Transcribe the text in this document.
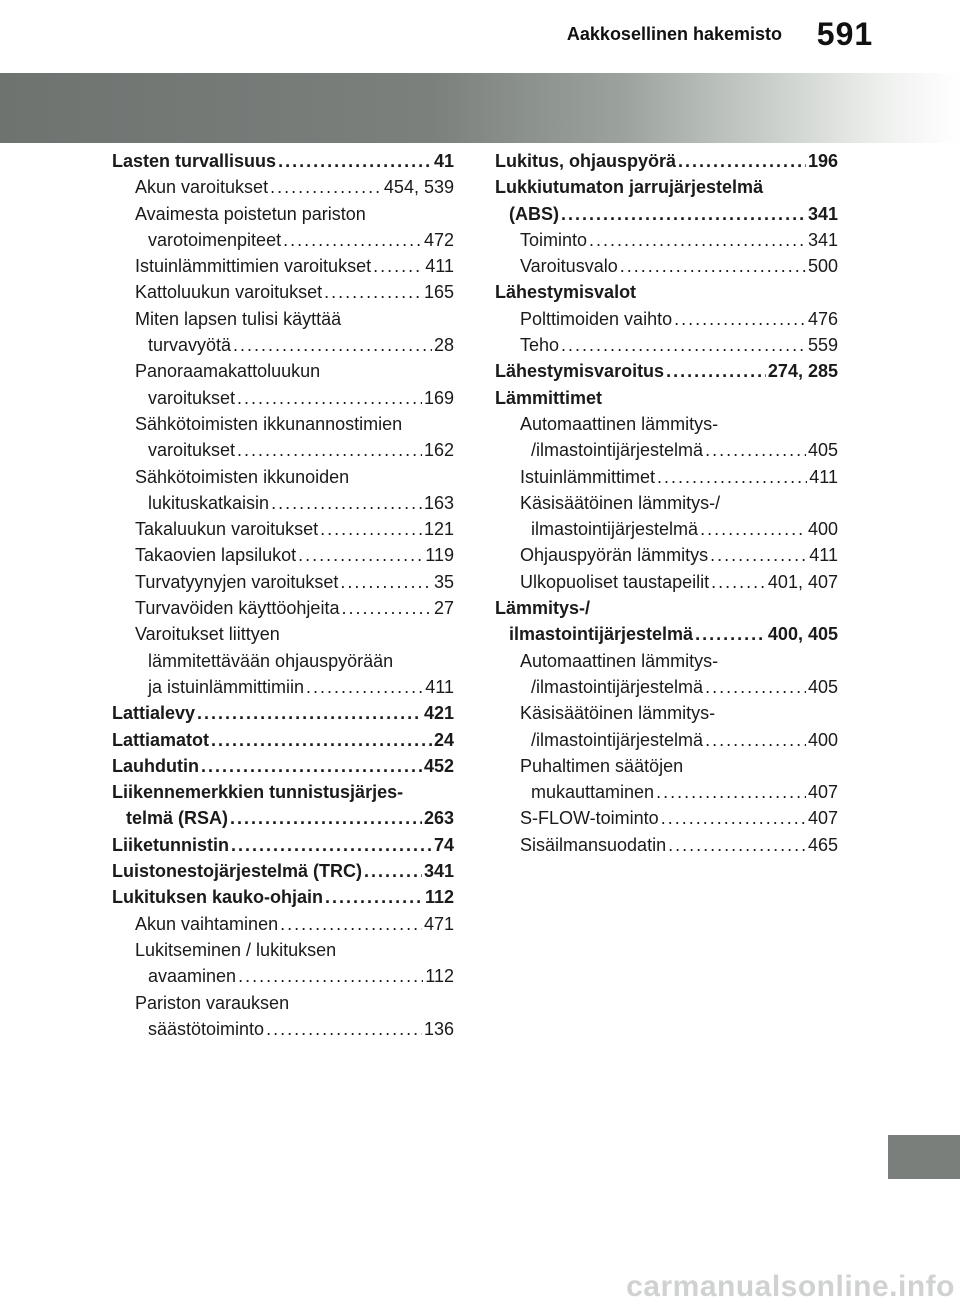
Aakkosellinen hakemisto	591
Lasten turvallisuus . . .	41
Akun varoitukset . . .	454, 539
Avaimesta poistetun pariston
varotoimenpiteet . . .	472
Istuinlämmittimien varoitukset . . .	411
Kattoluukun varoitukset . . .	165
Miten lapsen tulisi käyttää
turvavyötä . . .	28
Panoraamakattoluukun
varoitukset . . .	169
Sähkötoimisten ikkunannostimien
varoitukset . . .	162
Sähkötoimisten ikkunoiden
lukituskatkaisin . . .	163
Takaluukun varoitukset . . .	121
Takaovien lapsilukot . . .	119
Turvatyynyjen varoitukset . . .	35
Turvavöiden käyttöohjeita . . .	27
Varoitukset liittyen
lämmitettävään ohjauspyörään
ja istuinlämmittimiin . . .	411
Lattialevy . . .	421
Lattiamatot . . .	24
Lauhdutin . . .	452
Liikennemerkkien tunnistusjärjes-
telmä (RSA) . . .	263
Liiketunnistin . . .	74
Luistonestojärjestelmä (TRC) . . .	341
Lukituksen kauko-ohjain . . .	112
Akun vaihtaminen . . .	471
Lukitseminen / lukituksen
avaaminen . . .	112
Pariston varauksen
säästötoiminto . . .	136
Lukitus, ohjauspyörä . . .	196
Lukkiutumaton jarrujärjestelmä
(ABS) . . .	341
Toiminto . . .	341
Varoitusvalo . . .	500
Lähestymisvalot
Polttimoiden vaihto . . .	476
Teho . . .	559
Lähestymisvaroitus . . .	274, 285
Lämmittimet
Automaattinen lämmitys-
/ilmastointijärjestelmä . . .	405
Istuinlämmittimet . . .	411
Käsisäätöinen lämmitys-/
ilmastointijärjestelmä . . .	400
Ohjauspyörän lämmitys . . .	411
Ulkopuoliset taustapeilit . . .	401, 407
Lämmitys-/
ilmastointijärjestelmä . . .	400, 405
Automaattinen lämmitys-
/ilmastointijärjestelmä . . .	405
Käsisäätöinen lämmitys-
/ilmastointijärjestelmä . . .	400
Puhaltimen säätöjen
mukauttaminen . . .	407
S-FLOW-toiminto . . .	407
Sisäilmansuodatin . . .	465
carmanualsonline.info
